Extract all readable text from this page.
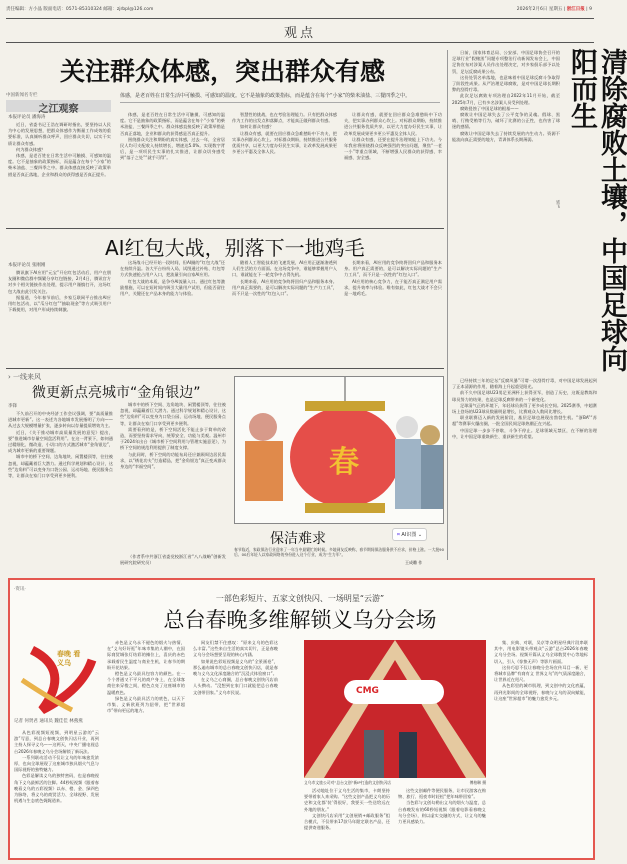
责任编辑：方小晶 版面电话：0571-85310324 邮箱：zjrbpl@126.com	2026年2月6日 星期五 | 浙江日报 | 9
观点
关注群众体感，突出群众有感
中国新闻名专栏
之江观察
本报评论员 潘海涛
体感，是老百姓在日常生活中可触摸、可感知的温度。它不是抽象的政策指标，而是蕴含在每个“小家”的柴米油盐、三餐四季之中。

近日，省委书记王浩在调研时指出，要坚持以人民为中心的发展思想，把群众体感作为衡量工作成效的重要标准，认真倾听群众呼声，回应群众关切，以实干实绩让群众有感。

何为群众体感？

体感，是老百姓在日常生活中可触摸、可感知的温度。它不是抽象的政策指标，而是蕴含在每个“小家”的柴米油盐、三餐四季之中。群众体感直接反映了政策举措是否真正落地，企业和群众的获得感是否真正提升。

体感，是老百姓在日常生活中可触摸、可感知的温度。它不是抽象的政策指标，而是蕴含在每个“小家”的柴米油盐、三餐四季之中。群众体感直接反映了政策举措是否真正落地，企业和群众的获得感是否真正提升。

围绕群众关注和期盼的真实体感，过去一年，全省居民人均可支配收入持续增长，增速达5.0%。实现数字背后，是一项项民生实事的扎实推进，让群众切身感受到“落子之处”“就手可得”。

智慧性的挑战，也在考验治理能力。只有把群众体感作为工作的出发点和落脚点，才能真正做到群众有感。

如何让群众有感？

让群众有感，就要在回应群众急难愁盼中下功夫，把实事办到群众心坎上。对标群众期盼，持续推进公共服务优质共享，以更大力度办好民生实事，让改革发展成果更多更公平惠及全体人民。

让群众有感，就要在回应群众急难愁盼中下功夫，把实事办到群众心坎上。对标群众期盼，持续推进公共服务优质共享，以更大力度办好民生实事，让改革发展成果更多更公平惠及全体人民。

让群众有感，还要在提升治理效能上下功夫。今年我省将围绕群众反映强烈的突出问题，聚焦“一老一小”等重点领域，不断增强人民群众的获得感、幸福感、安全感。

日前，国家体育总局、公安部、中国足球协会召开的足球行业“假赌黑”问题专项整治行动新闻发布会上，中国足协宣布对涉案人员作出处理决定，对多家俱乐部予以处罚，足坛反腐成果公布。

这份处罚名单落地，也意味着中国足球反腐斗争取得了阶段性成果。从严治理足球腐败，是对中国足球长期积弊的刮骨疗毒。

此次足坛腐败专项治理自2022年11月开始，截至2025年7月，已有多名涉案人员受到处理。

腐败侵蚀了中国足球的根基——

腐败让中国足球失去了公平竞争的灵魂。假球、黑哨、行贿受贿等行为，破坏了比赛的公正性，也伤害了球迷的感情。

腐败让中国足球失去了持续发展的内生动力。资源不能流向真正需要的地方，青训体系长期薄弱。	清除腐败土壤，中国足球向阳而生
梁飞

已经持续三年的足坛“反腐风暴”可谓一次刮骨疗毒，对中国足球发展起到了正本清源的作用，随着海上升起重见阳光。

前不久中国足球U23男足亚洲杯上获得亚军，创造了历史，这既是教练和球员努力的结果，也是足球反腐带来的一个新变化。

足球清气正的环境下，年轻球员获得了更多成长空间。2025赛季，中超赛场上登场的U23球员数量明显增长，比赛观众人数同比增长。

职业联赛迈入新的发展阶段，基层足球也展现出勃勃生机。“浙BA”“苏超”等赛事火爆出圈，一批全国民间足球热潮正在兴起。

中国足球一步步不停歇，斗争不停止。足球领域无禁区，在不断的治理中，让中国足球重焕新生、重获新生的希望。

AI红包大战，别落下一地鸡毛
本报评论员 张刚刚

腾讯旗下AI应用“元宝”开启红包活动后，用户在朋友圈和微信群中频繁分享红包链接，2月4日，腾讯官方对多个相关链接作出处理，提示用户谨慎打开，这场红包大战由此引发关注。

据报道，今年春节前后，多家互联网平台推出AI应用红包活动，以“瓜分红包”“抽取现金”等方式吸引用户下载使用，对用户形成持续刺激。

这场战斗已经开始一段时间，但AI圈的“红包大战”还在持续升温。各大平台纷纷入局，试图通过补贴、红包等方式快速抢占用户入口，把流量引向自家AI应用。

红包大战的本质，是争夺AI流量入口。通过红包等激励措施，可以在短时间内吸引大量用户试用，但能否留住用户，关键还在产品本身的能力与体验。

随着人工智能技术的飞速发展，AI应用正逐渐渗透到人们生活的方方面面。在这场竞争中，谁能够掌握用户入口，谁就能在下一轮竞争中占得先机。

长期来看，AI应用的竞争终将回归产品和服务本身。用户真正需要的，是可以解决实际问题的“生产力工具”，而不只是一次性的“红包入口”。

长期来看，AI应用的竞争终将回归产品和服务本身。用户真正需要的，是可以解决实际问题的“生产力工具”，而不只是一次性的“红包入口”。

AI应用的核心竞争力，在于能否真正满足用户需求，提升效率与体验。唯有如此，红包大战才不会只是一地鸡毛。

› 一线来风
微更新点亮城市“金角银边”
李锋

不久前召开的中央经济工作会议强调，要“高质量推进城市更新”。这一表述为各地城市发展指明了方向——从过去大规模增量扩张，逐步转向以存量提质增效为主。

近日，《关于推动城市高质量发展的意见》提出，要“推进城市存量空间盘活利用”。在这一背景下，如何通过精细化、微改造、小切口的方式激活城市“金角银边”，成为城市更新的重要课题。

城市中的桥下空间、边角地块、闲置楼顶等，往往被忽视，却蕴藏着巨大潜力。通过科学规划和精心设计，这些“边角料”可以变身为口袋公园、运动场地、便民服务点等，让群众在家门口享受到更多便利。

城市中的桥下空间、边角地块、闲置楼顶等，往往被忽视，却蕴藏着巨大潜力。通过科学规划和精心设计，这些“边角料”可以变身为口袋公园、运动场地、便民服务点等，让群众在家门口享受到更多便利。

需要看到的是，桥下空间活化不能止步于简单的改造，而要坚持需求导向，统筹安全、功能与美观。温州市于2024年出台《城市桥下空间利用与管理实施意见》，为桥下空间的规范利用提供了制度支撑。

与此同时，桥下空间的功能布局还应兼顾周边居民需求，以“绣花功夫”打造精品，把“金角银边”真正变成群众身边的“幸福空间”。

（作者系中共浙江省委党校浙江省“八八战略”创新发展研究院研究员）
春
保洁难求	⌗ AI识图 ⌄
春节临近，家政保洁行业迎来了一年当中最繁忙的时候。多地网友反映称，春节期间保洁服务供不应求，价格上涨。一大批90后、00后年轻人以家政网络的身份进入这个行业，成为“生力军”。
王成雕 作
·资讯·
一部色彩短片、五家文创快闪、一场明星“云游”
总台春晚多维解锁义乌分会场
春晚 看义乌
记者 何贤君 通讯员 魏佳佳 林燕燕

从色彩视频短视频，到明星云游的“云游”写意，到总台春晚文创快闪店开业，再到主持人探寻义乌——这两天，中央广播电视总台2026年春晚义乌分会场解锁了新玩法。

一系列联动活动不仅让义乌的年味愈发浓厚，也向全球展现了这座城市独具烟火气息与国际视野的独特魅力。

色彩是解读义乌的独特密码，也是春晚视角下义乌最鲜活的注脚。44秒短视频《跟着春晚看义乌的五彩视频》以赤、橙、金、绿四色为脉络，将义乌的商贸活力、全球视野、发展机遇与生态底色娓娓道来。

赤色是义乌永不褪色的烟火与热情，在“义乌好好逛”年味市集的人潮中，在国际商贸城张灯结彩的摊位上，喜庆的赤色承载着民生温度与商业生机，让春节的期盼开花结果。

橙色是义乌最具包容力的颜色。在一个个普通又不平凡的商户身上，在全球客商往来穿梭之间，橙色点亮了这座城市的温暖底色。

绿色是义乌最具活力的底色，以天下市集、义新欧班列为纽带，把“世界超市”带向更远的地方。

网友们禁不住感叹：“原来义乌的色彩这么丰富。”这些来自生活的真实切片，正是春晚义乌分会场想要呈现的核心内涵。

如果说色彩短视频是义乌的“全景画卷”，那么遍布城市的总台春晚文创快闪店，就是春晚与义乌文化深度融合的“沉浸式体验窗口”。

在义乌之心商圈，总台春晚文创快闪店前人头攒动。“没想到在家门口就能把总台春晚文创带回家。”义乌市民说。	CMG
义乌市文旅公司对“总台文创”新IP打造的文创快闪店	傅柏琳 摄

活动地址位于义乌生活的集市，卡朗坚持要带着家人来采购。“这些文创产品把义乌的历史和文化都‘装’得很好，我要买一些送给远在外地的朋友。”

文创快闪店采用“文创展销+邮政服务”组合模式，不仅带来17款马年限定联名产品，还提供寄递服务。

这些文创邮件等便民服务，让市民游客在购物、旅行、逛夜市时轻松“把年味带回家”。

当色彩与文创勾勒出义乌的烟火与温度，总台春晚发布的60秒短视频《跟着电影看春晚义乌分会场》，则以虚实交融的方式，让义乌的魅力更具感染力。

集、庆典、对联，吴京等众明星经典片段串联其中，用电影镜头带观众“云游”总台2026年春晚义乌分会场。视频开篇从义乌全球数贸中心等地标切入，引入《惊蛰无声》等影片画面。

这份巧思不仅让春晚分会场宣传耳目一新，更将城市品牌“有商有义 世界义乌”的气质深度融合，让世界近在咫尺。

从色彩里的城市肌理，到文创中的文化底蕴，再到光影间的全球视野，春晚与义乌的双向赋能，让这座“世界超市”的魅力愈发多元。
